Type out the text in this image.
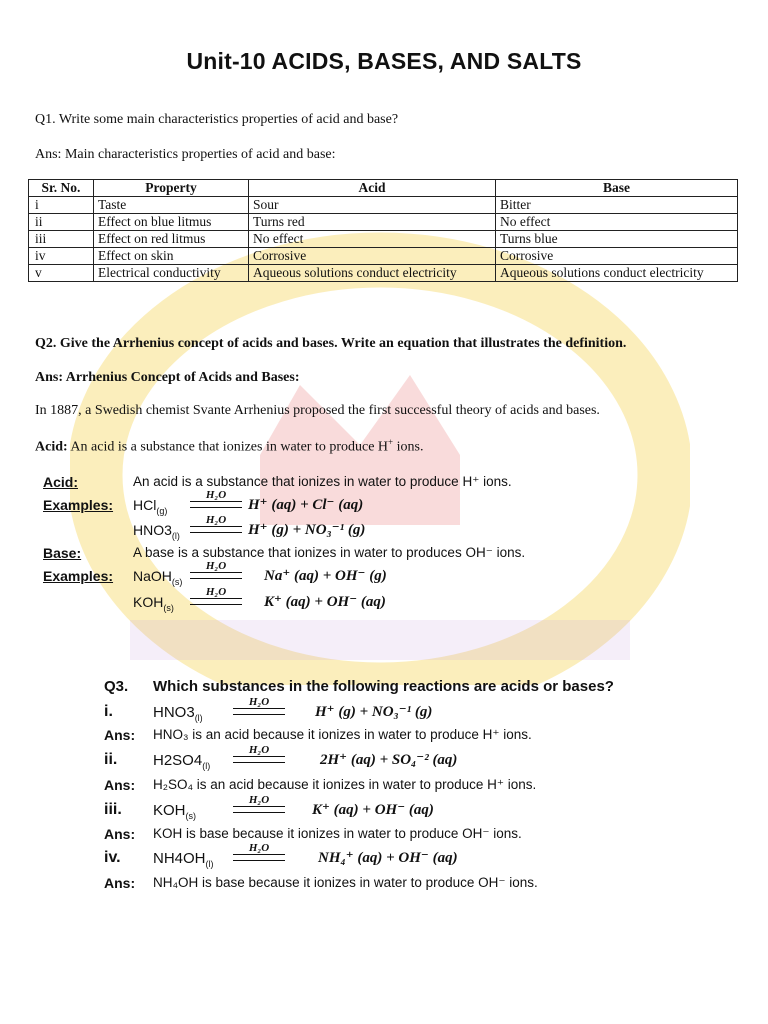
Unit-10 ACIDS, BASES, AND SALTS
Q1. Write some main characteristics properties of acid and base?
Ans: Main characteristics properties of acid and base:
Sr. No.	Property	Acid	Base
i	Taste	Sour	Bitter
ii	Effect on blue litmus	Turns red	No effect
iii	Effect on red litmus	No effect	Turns blue
iv	Effect on skin	Corrosive	Corrosive
v	Electrical conductivity	Aqueous solutions conduct electricity	Aqueous solutions conduct electricity
Q2. Give the Arrhenius concept of acids and bases. Write an equation that illustrates the definition.
Ans: Arrhenius Concept of Acids and Bases:
In 1887, a Swedish chemist Svante Arrhenius proposed the first successful theory of acids and bases.
Acid: An acid is a substance that ionizes in water to produce H+ ions.
Acid:	An acid is a substance that ionizes in water to produce H⁺ ions.
Examples: HCl$_{(g)}$
H₂O
H⁺ (aq) + Cl⁻ (aq)
$HNO3_{(l)}$
H₂O
H⁺ (g) + NO₃⁻¹ (g)
Base:	A base is a substance that ionizes in water to produces OH⁻ ions.
Examples: NaOH$_{(s)}$
H₂O
Na⁺ (aq) + OH⁻ (g)
$KOH_{(s)}$
H₂O
K⁺ (aq) + OH⁻ (aq)
Q3. Which substances in the following reactions are acids or bases?
i.	$HNO3_{(l)}$
H₂O
H⁺ (g) + NO₃⁻¹ (g)
Ans: HNO₃ is an acid because it ionizes in water to produce H⁺ ions.
ii. $H2SO4_{(l)}$
H₂O
2H⁺ (aq) + SO₄⁻² (aq)
Ans: H₂SO₄ is an acid because it ionizes in water to produce H⁺ ions.
iii. $KOH_{(s)}$
H₂O
K⁺ (aq) + OH⁻ (aq)
Ans: KOH is base because it ionizes in water to produce OH⁻ ions.
iv. $NH4OH_{(l)}$
H₂O
NH₄⁺ (aq) + OH⁻ (aq)
Ans: NH₄OH is base because it ionizes in water to produce OH⁻ ions.
